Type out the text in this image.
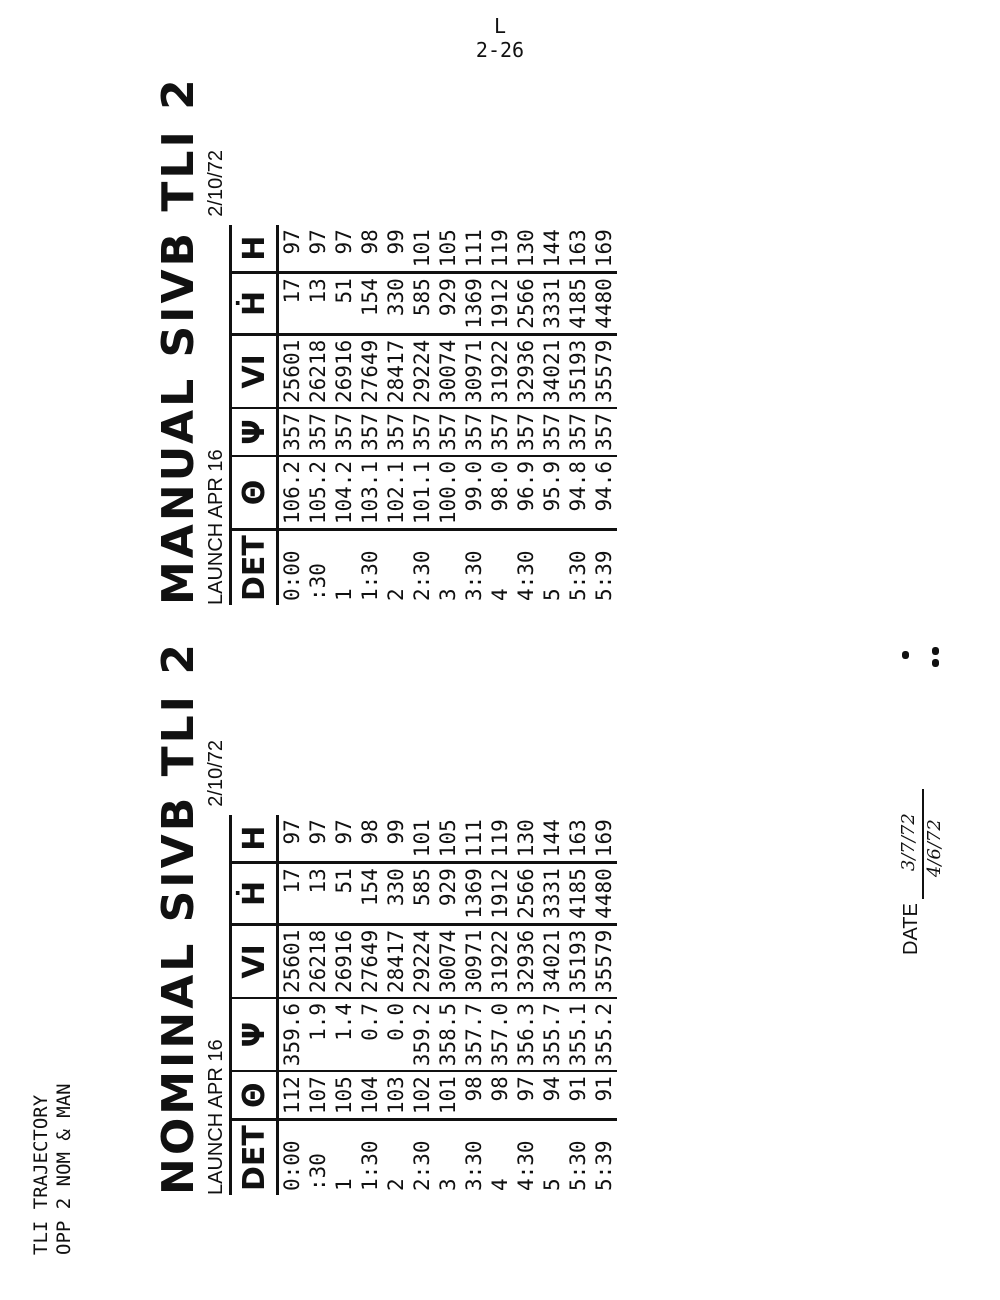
L
2-26
TLI TRAJECTORY OPP 2 NOM & MAN NOMINAL SIVB TLI 2 LAUNCH APR 16
2/10/72
DET	Θ	Ψ	VI	Ḣ	H
0:00	112	359.6	25601	17	97
:30	107	1.9	26218	13	97
1	105	1.4	26916	51	97
1:30	104	0.7	27649	154	98
2	103	0.0	28417	330	99
2:30	102	359.2	29224	585	101
3	101	358.5	30074	929	105
3:30	98	357.7	30971	1369	111
4	98	357.0	31922	1912	119
4:30	97	356.3	32936	2566	130
5	94	355.7	34021	3331	144
5:30	91	355.1	35193	4185	163
5:39	91	355.2	35579	4480	169
MANUAL SIVB TLI 2 LAUNCH APR 16
2/10/72
DET	Θ	Ψ	VI	Ḣ	H
0:00	106.2	357	25601	17	97
:30	105.2	357	26218	13	97
1	104.2	357	26916	51	97
1:30	103.1	357	27649	154	98
2	102.1	357	28417	330	99
2:30	101.1	357	29224	585	101
3	100.0	357	30074	929	105
3:30	99.0	357	30971	1369	111
4	98.0	357	31922	1912	119
4:30	96.9	357	32936	2566	130
5	95.9	357	34021	3331	144
5:30	94.8	357	35193	4185	163
5:39	94.6	357	35579	4480	169
DATE
3/7/72 4/6/72
